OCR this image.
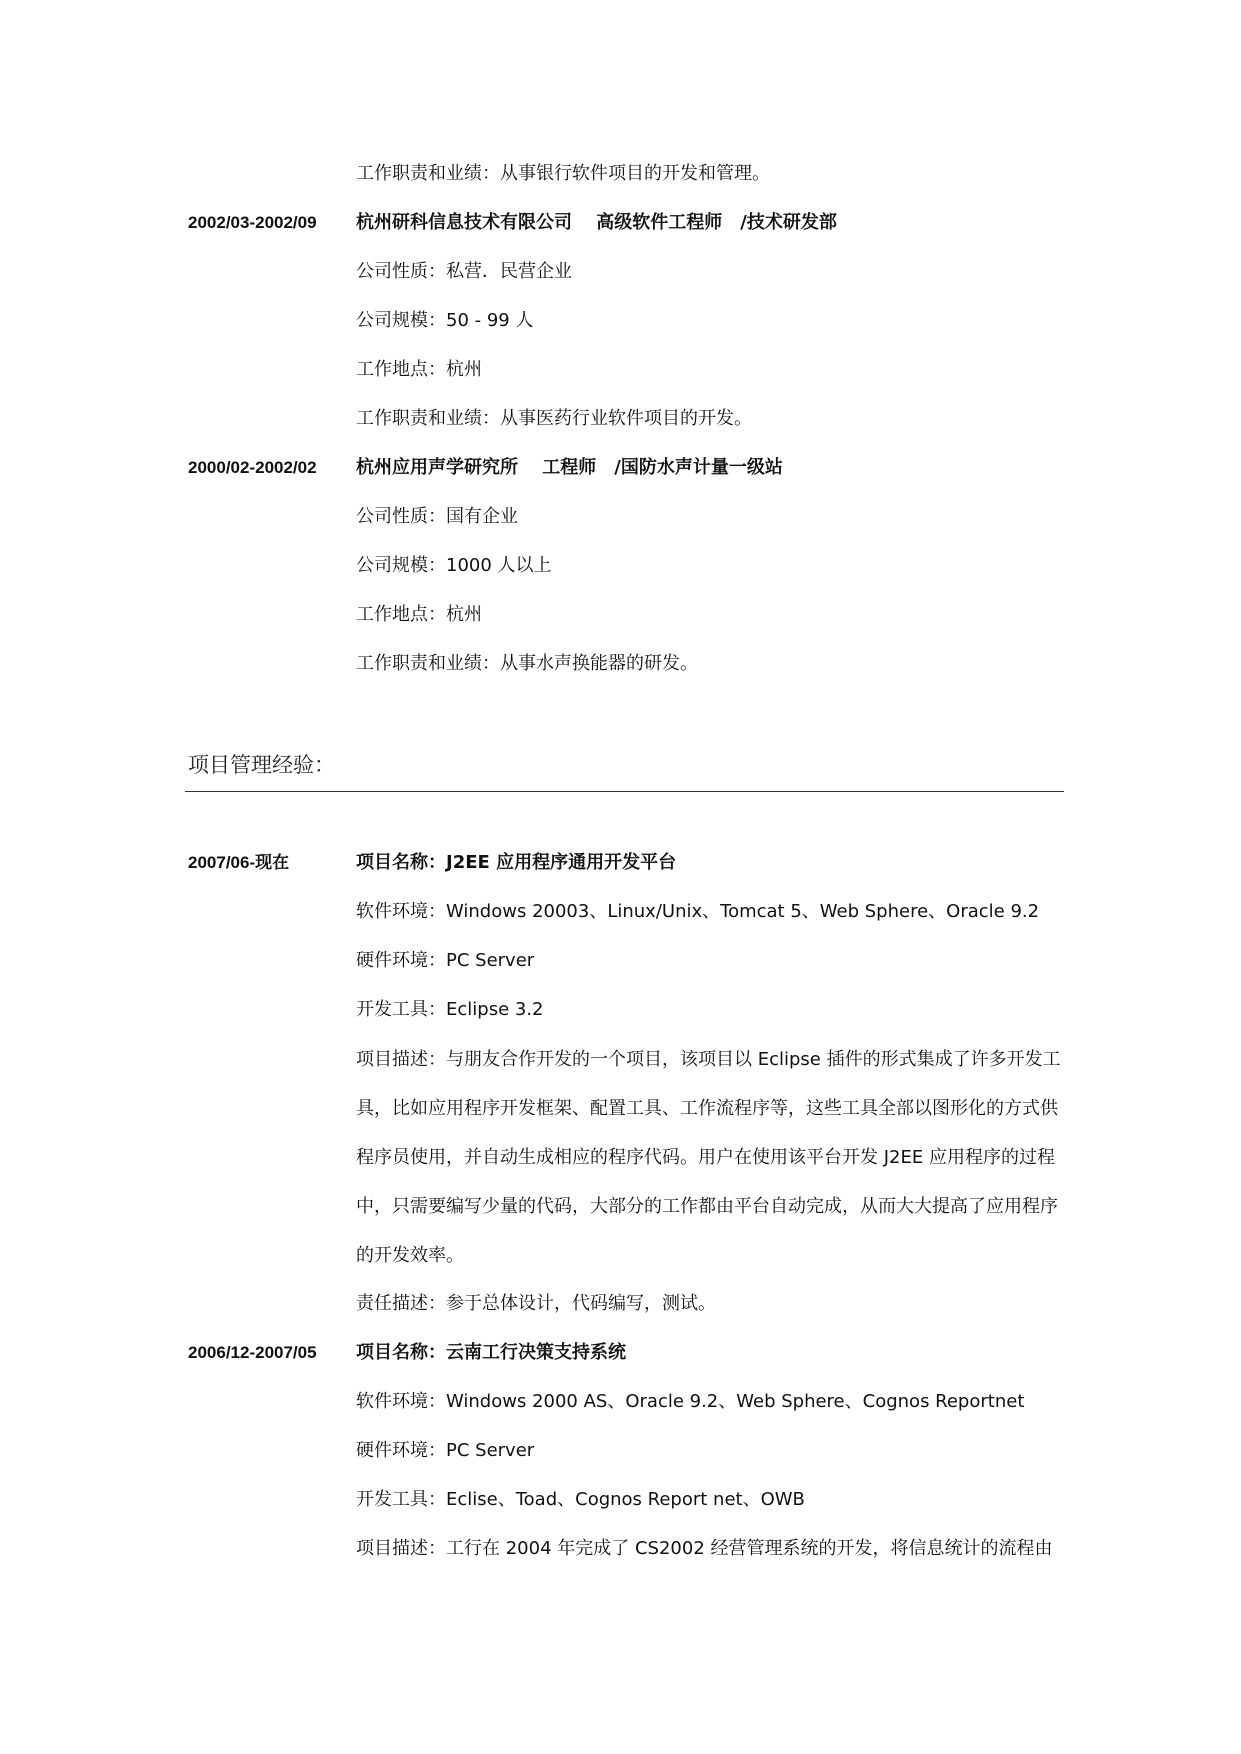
工作职责和业绩：从事银行软件项目的开发和管理。
2002/03-2002/09 杭州研科信息技术有限公司　 高级软件工程师　/技术研发部
公司性质：私营．民营企业
公司规模：50 - 99 人
工作地点：杭州
工作职责和业绩：从事医药行业软件项目的开发。
2000/02-2002/02 杭州应用声学研究所　 工程师　/国防水声计量一级站
公司性质：国有企业
公司规模：1000 人以上
工作地点：杭州
工作职责和业绩：从事水声换能器的研发。
项目管理经验：
2007/06-现在	项目名称：J2EE 应用程序通用开发平台
软件环境：Windows 20003、Linux/Unix、Tomcat 5、Web Sphere、Oracle 9.2
硬件环境：PC Server
开发工具：Eclipse 3.2
项目描述：与朋友合作开发的一个项目，该项目以 Eclipse 插件的形式集成了许多开发工具，比如应用程序开发框架、配置工具、工作流程序等，这些工具全部以图形化的方式供程序员使用，并自动生成相应的程序代码。用户在使用该平台开发 J2EE 应用程序的过程中，只需要编写少量的代码，大部分的工作都由平台自动完成，从而大大提高了应用程序的开发效率。
责任描述：参于总体设计，代码编写，测试。
2006/12-2007/05 项目名称：云南工行决策支持系统
软件环境：Windows 2000 AS、Oracle 9.2、Web Sphere、Cognos Reportnet
硬件环境：PC Server
开发工具：Eclise、Toad、Cognos Report net、OWB
项目描述：工行在 2004 年完成了 CS2002 经营管理系统的开发，将信息统计的流程由
